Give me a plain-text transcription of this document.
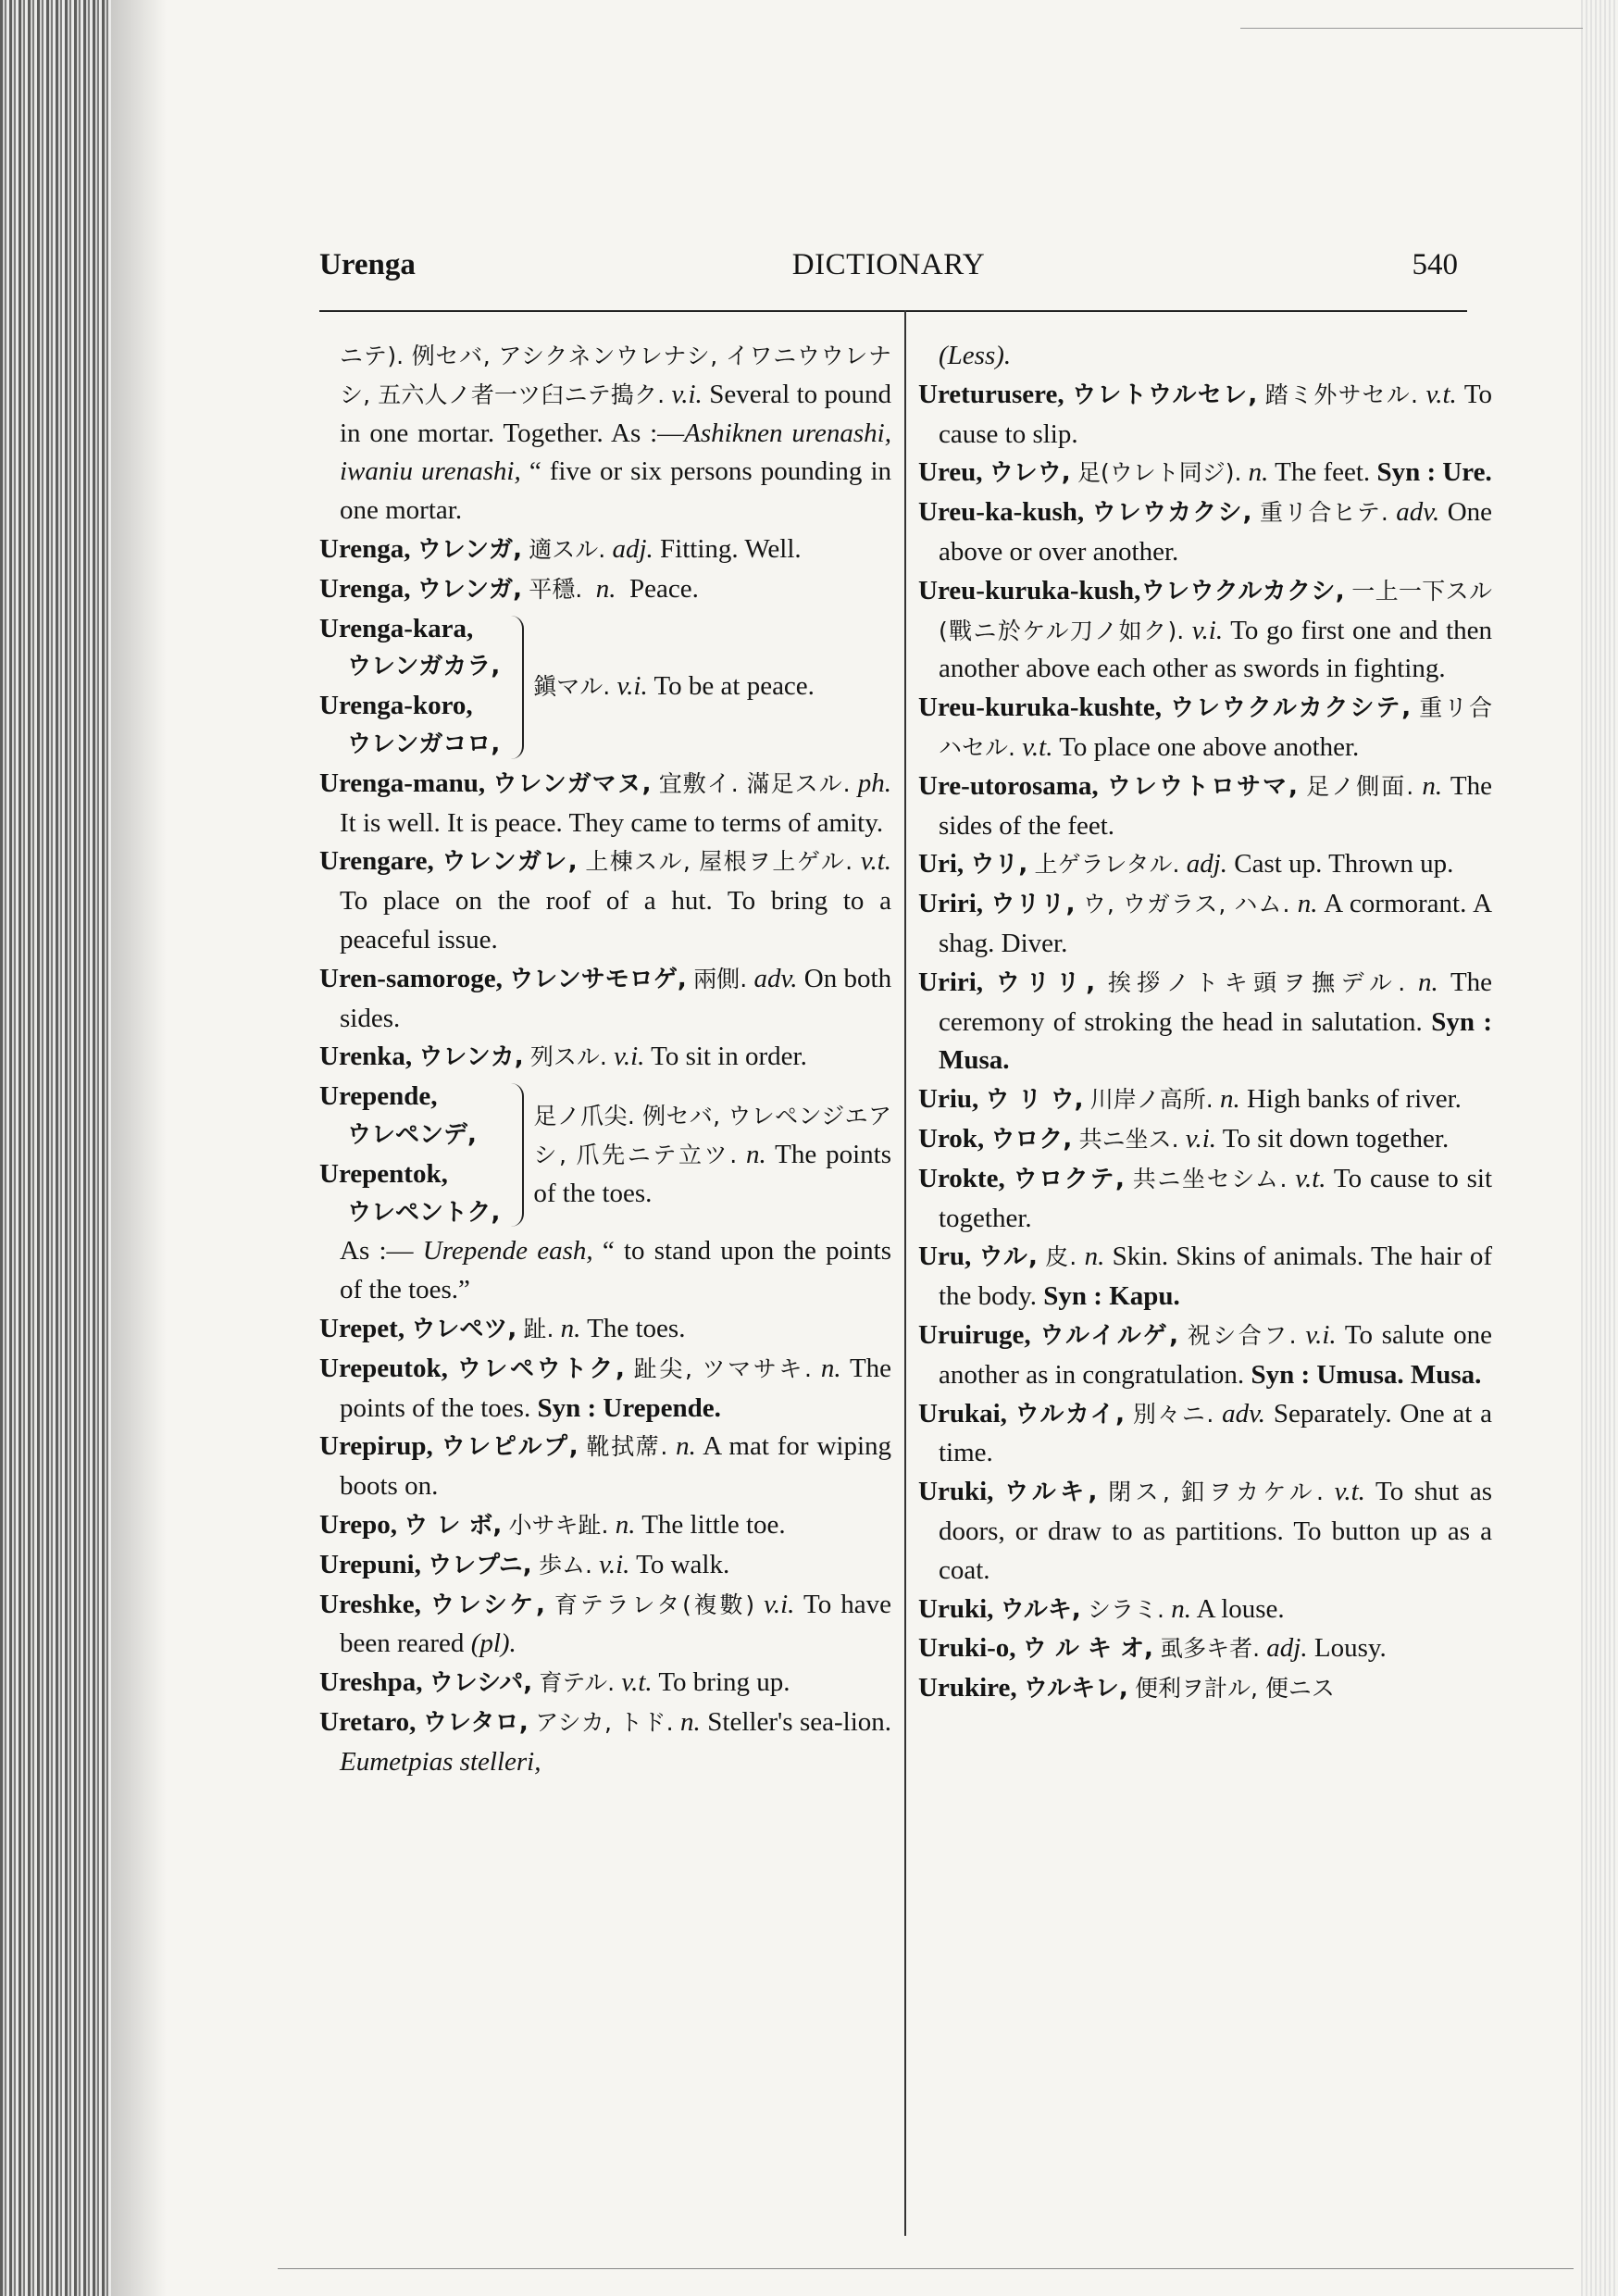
DICTIONARY
Urenga	540

ニテ). 例セバ, アシクネンウレナシ, イワニウウレナシ, 五六人ノ者一ツ臼ニテ搗ク. v.i. Several to pound in one mortar. Together. As :—Ashiknen urenashi, iwaniu urenashi, “ five or six persons pounding in one mortar.

Urenga, ウレンガ, 適スル. adj. Fitting. Well.

Urenga, ウレンガ, 平穩. n. Peace.

Urenga-kara,
ウレンガカラ,
Urenga-koro,
ウレンガコロ,
鎭マル. v.i. To be at peace.

Urenga-manu, ウレンガマヌ, 宜敷イ. 滿足スル. ph. It is well. It is peace. They came to terms of amity.

Urengare, ウレンガレ, 上棟スル, 屋根ヲ上ゲル. v.t. To place on the roof of a hut. To bring to a peaceful issue.

Uren-samoroge, ウレンサモロゲ, 兩側. adv. On both sides.

Urenka, ウレンカ, 列スル. v.i. To sit in order.

Urepende,
ウレペンデ,
Urepentok,
ウレペントク,
足ノ爪尖. 例セバ, ウレペンジエアシ, 爪先ニテ立ツ. n. The points of the toes.

As :— Urepende eash, “ to stand upon the points of the toes.”

Urepet, ウレペツ, 趾. n. The toes.

Urepeutok, ウレペウトク, 趾尖, ツマサキ. n. The points of the toes. Syn : Urepende.

Urepirup, ウレピルプ, 靴拭蓆. n. A mat for wiping boots on.

Urepo, ウ レ ボ, 小サキ趾. n. The little toe.

Urepuni, ウレプニ, 歩ム. v.i. To walk.

Ureshke, ウレシケ, 育テラレタ(複數) v.i. To have been reared (pl).

Ureshpa, ウレシパ, 育テル. v.t. To bring up.

Uretaro, ウレタロ, アシカ, トド. n. Steller's sea-lion. Eumetpias stelleri,

(Less).

Ureturusere, ウレトウルセレ, 踏ミ外サセル. v.t. To cause to slip.

Ureu, ウレウ, 足(ウレト同ジ). n. The feet. Syn : Ure.

Ureu-ka-kush, ウレウカクシ, 重リ合ヒテ. adv. One above or over another.

Ureu-kuruka-kush,ウレウクルカクシ, 一上一下スル(戰ニ於ケル刀ノ如ク). v.i. To go first one and then another above each other as swords in fighting.

Ureu-kuruka-kushte, ウレウクルカクシテ, 重リ合ハセル. v.t. To place one above another.

Ure-utorosama, ウレウトロサマ, 足ノ側面. n. The sides of the feet.

Uri, ウリ, 上ゲラレタル. adj. Cast up. Thrown up.

Uriri, ウリリ, ウ, ウガラス, ハム. n. A cormorant. A shag. Diver.

Uriri, ウリリ, 挨拶ノトキ頭ヲ撫デル. n. The ceremony of stroking the head in salutation. Syn : Musa.

Uriu, ウ リ ウ, 川岸ノ高所. n. High banks of river.

Urok, ウロク, 共ニ坐ス. v.i. To sit down together.

Urokte, ウロクテ, 共ニ坐セシム. v.t. To cause to sit together.

Uru, ウル, 皮. n. Skin. Skins of animals. The hair of the body. Syn : Kapu.

Uruiruge, ウルイルゲ, 祝シ合フ. v.i. To salute one another as in congratulation. Syn : Umusa. Musa.

Urukai, ウルカイ, 別々ニ. adv. Separately. One at a time.

Uruki, ウルキ, 閉ス, 釦ヲカケル. v.t. To shut as doors, or draw to as partitions. To button up as a coat.

Uruki, ウルキ, シラミ. n. A louse.

Uruki-o, ウ ル キ オ, 虱多キ者. adj. Lousy.

Urukire, ウルキレ, 便利ヲ計ル, 便ニス
